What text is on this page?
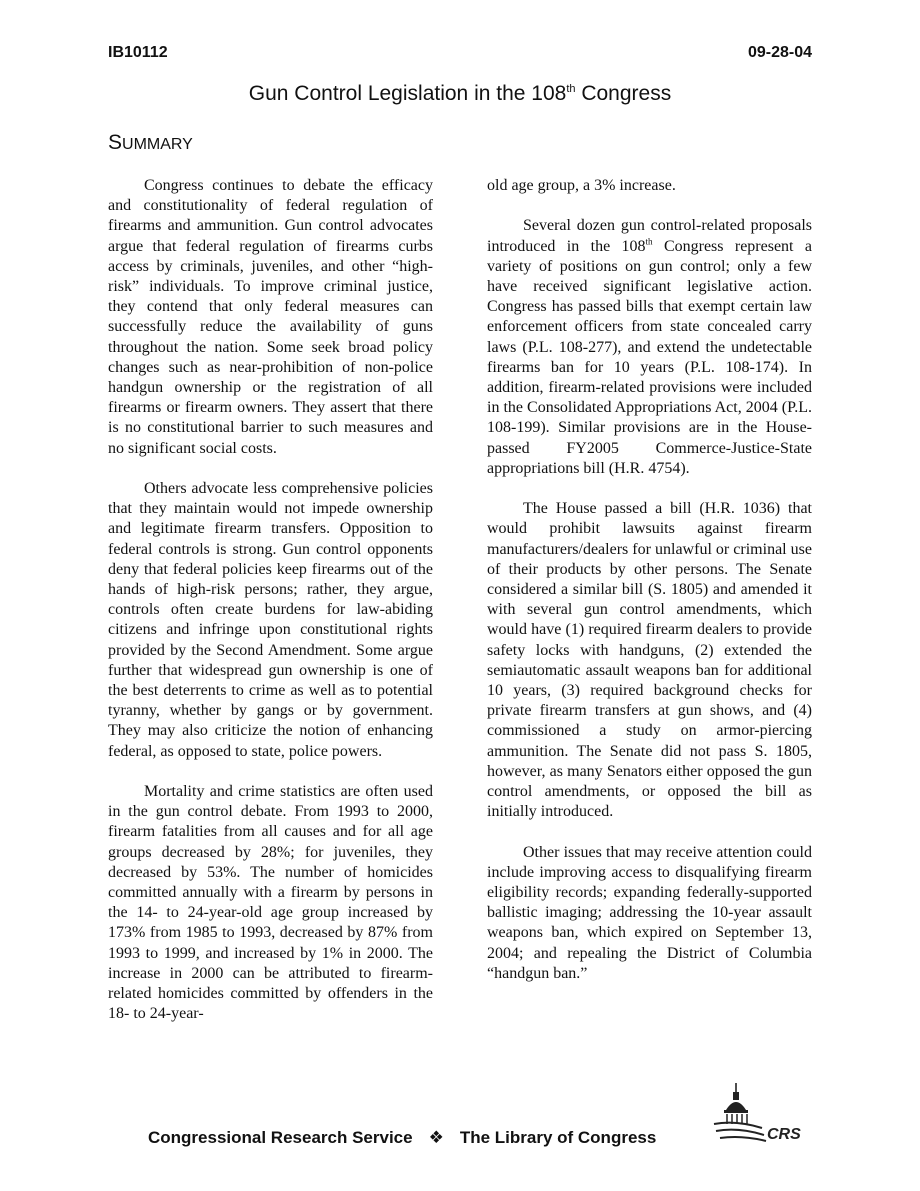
IB10112	09-28-04
Gun Control Legislation in the 108th Congress
SUMMARY

Congress continues to debate the efficacy and constitutionality of federal regulation of firearms and ammunition. Gun control advocates argue that federal regulation of firearms curbs access by criminals, juveniles, and other “high-risk” individuals. To improve criminal justice, they contend that only federal measures can successfully reduce the availability of guns throughout the nation. Some seek broad policy changes such as near-prohibition of non-police handgun ownership or the registration of all firearms or firearm owners. They assert that there is no constitutional barrier to such measures and no significant social costs.

Others advocate less comprehensive policies that they maintain would not impede ownership and legitimate firearm transfers. Opposition to federal controls is strong. Gun control opponents deny that federal policies keep firearms out of the hands of high-risk persons; rather, they argue, controls often create burdens for law-abiding citizens and infringe upon constitutional rights provided by the Second Amendment. Some argue further that widespread gun ownership is one of the best deterrents to crime as well as to potential tyranny, whether by gangs or by government. They may also criticize the notion of enhancing federal, as opposed to state, police powers.

Mortality and crime statistics are often used in the gun control debate. From 1993 to 2000, firearm fatalities from all causes and for all age groups decreased by 28%; for juveniles, they decreased by 53%. The number of homicides committed annually with a firearm by persons in the 14- to 24-year-old age group increased by 173% from 1985 to 1993, decreased by 87% from 1993 to 1999, and increased by 1% in 2000. The increase in 2000 can be attributed to firearm-related homicides committed by offenders in the 18- to 24-year-

old age group, a 3% increase.

Several dozen gun control-related proposals introduced in the 108th Congress represent a variety of positions on gun control; only a few have received significant legislative action. Congress has passed bills that exempt certain law enforcement officers from state concealed carry laws (P.L. 108-277), and extend the undetectable firearms ban for 10 years (P.L. 108-174). In addition, firearm-related provisions were included in the Consolidated Appropriations Act, 2004 (P.L. 108-199). Similar provisions are in the House-passed FY2005 Commerce-Justice-State appropriations bill (H.R. 4754).

The House passed a bill (H.R. 1036) that would prohibit lawsuits against firearm manufacturers/dealers for unlawful or criminal use of their products by other persons. The Senate considered a similar bill (S. 1805) and amended it with several gun control amendments, which would have (1) required firearm dealers to provide safety locks with handguns, (2) extended the semiautomatic assault weapons ban for additional 10 years, (3) required background checks for private firearm transfers at gun shows, and (4) commissioned a study on armor-piercing ammunition. The Senate did not pass S. 1805, however, as many Senators either opposed the gun control amendments, or opposed the bill as initially introduced.

Other issues that may receive attention could include improving access to disqualifying firearm eligibility records; expanding federally-supported ballistic imaging; addressing the 10-year assault weapons ban, which expired on September 13, 2004; and repealing the District of Columbia “handgun ban.”

Congressional Research Service ❖ The Library of Congress	CRS
